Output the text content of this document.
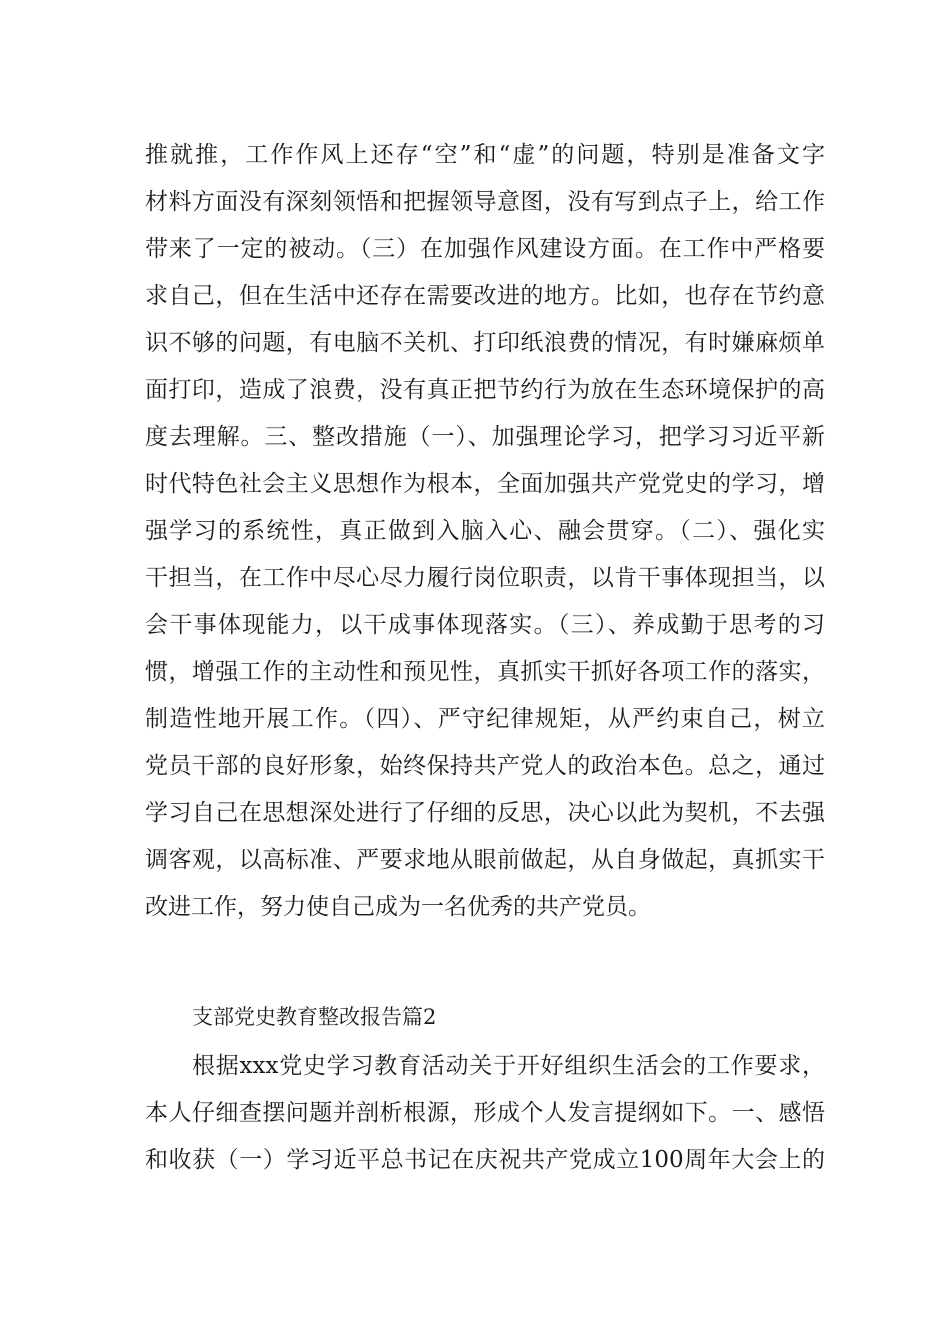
推就推，工作作风上还存“空”和“虚”的问题，特别是准备文字

材料方面没有深刻领悟和把握领导意图，没有写到点子上，给工作

带来了一定的被动。（三）在加强作风建设方面。在工作中严格要

求自己，但在生活中还存在需要改进的地方。比如，也存在节约意

识不够的问题，有电脑不关机、打印纸浪费的情况，有时嫌麻烦单

面打印，造成了浪费，没有真正把节约行为放在生态环境保护的高

度去理解。三、整改措施（一）、加强理论学习，把学习习近平新

时代特色社会主义思想作为根本，全面加强共产党党史的学习，增

强学习的系统性，真正做到入脑入心、融会贯穿。（二）、强化实

干担当，在工作中尽心尽力履行岗位职责，以肯干事体现担当，以

会干事体现能力，以干成事体现落实。（三）、养成勤于思考的习

惯，增强工作的主动性和预见性，真抓实干抓好各项工作的落实，

制造性地开展工作。（四）、严守纪律规矩，从严约束自己，树立

党员干部的良好形象，始终保持共产党人的政治本色。总之，通过

学习自己在思想深处进行了仔细的反思，决心以此为契机，不去强

调客观，以高标准、严要求地从眼前做起，从自身做起，真抓实干

改进工作，努力使自己成为一名优秀的共产党员。

支部党史教育整改报告篇2

根据xxx党史学习教育活动关于开好组织生活会的工作要求，

本人仔细查摆问题并剖析根源，形成个人发言提纲如下。一、感悟

和收获（一）学习近平总书记在庆祝共产党成立100周年大会上的
